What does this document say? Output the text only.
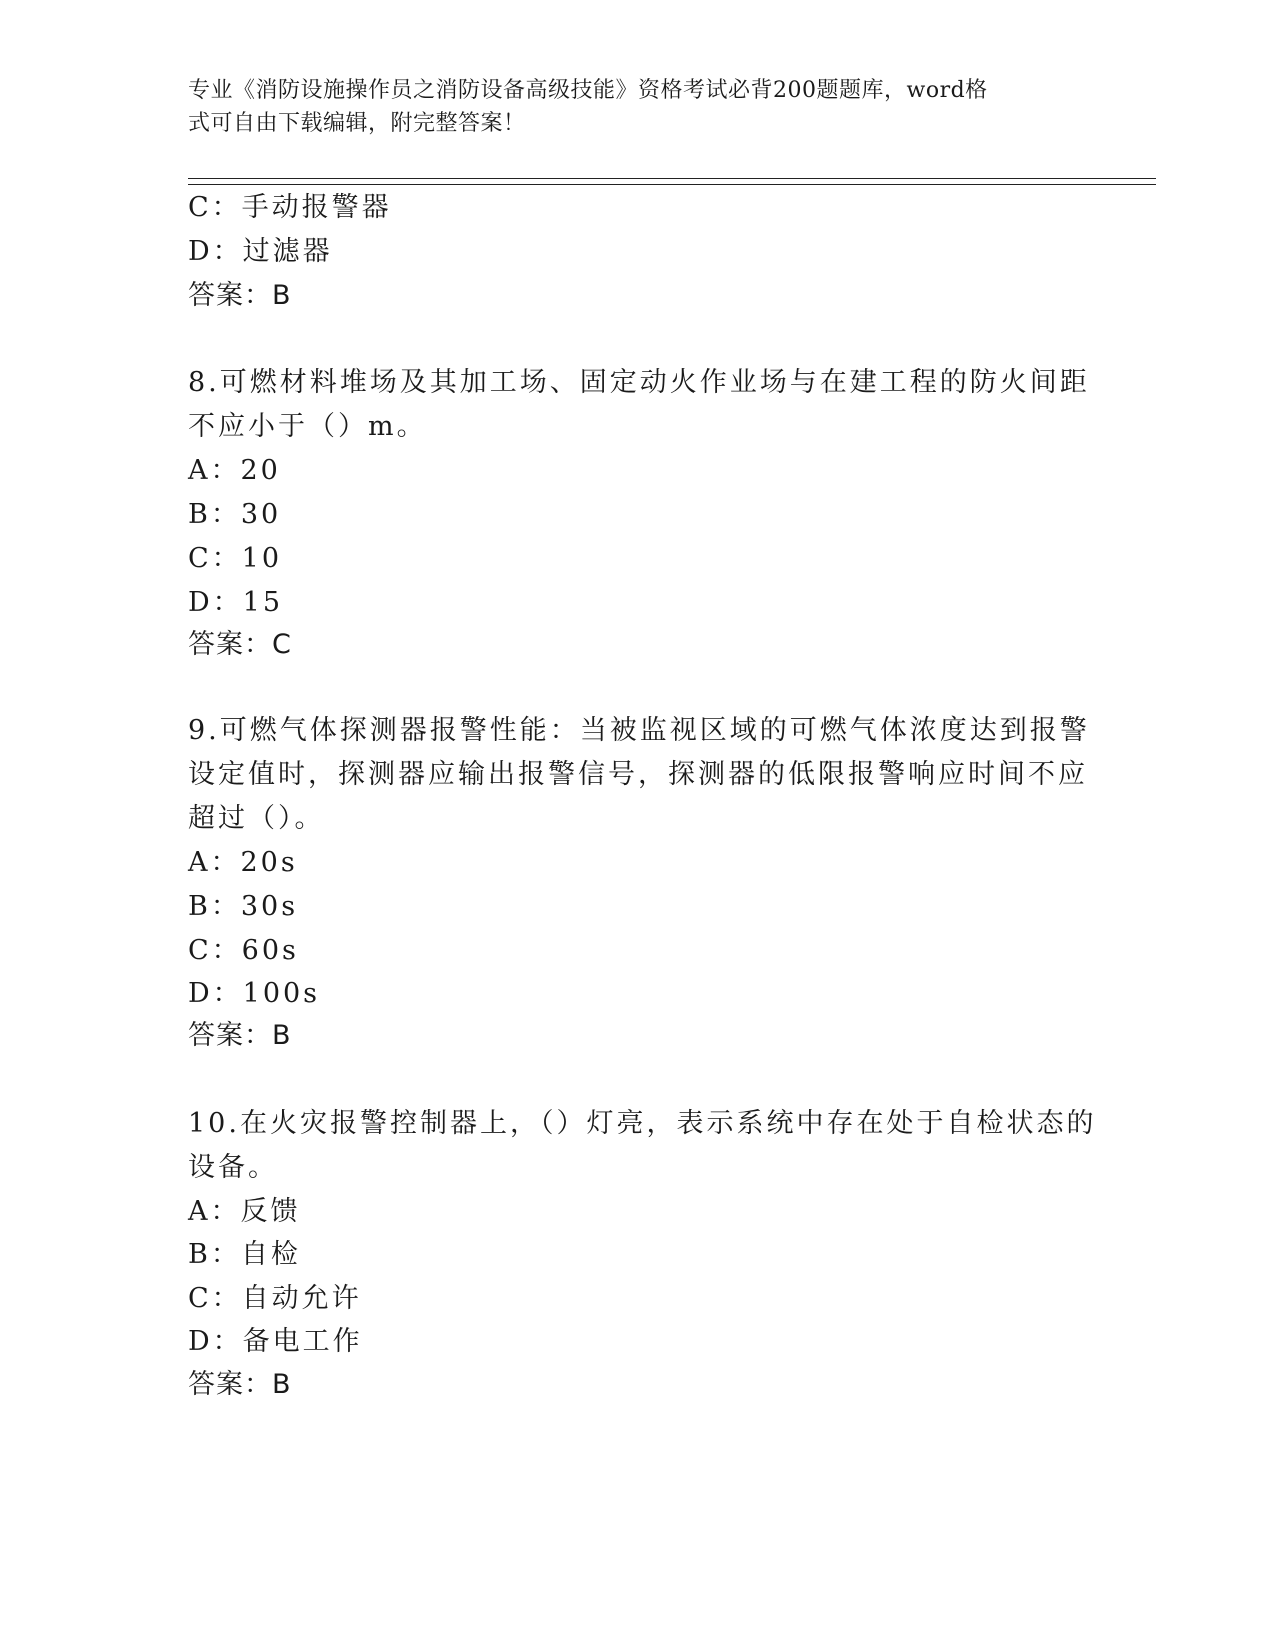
专业《消防设施操作员之消防设备高级技能》资格考试必背200题题库，word格
式可自由下载编辑，附完整答案！
C：手动报警器
D：过滤器
答案：B
8.可燃材料堆场及其加工场、固定动火作业场与在建工程的防火间距
不应小于（）m。
A：20
B：30
C：10
D：15
答案：C
9.可燃气体探测器报警性能：当被监视区域的可燃气体浓度达到报警
设定值时，探测器应输出报警信号，探测器的低限报警响应时间不应
超过（）。
A：20s
B：30s
C：60s
D：100s
答案：B
10.在火灾报警控制器上，（）灯亮，表示系统中存在处于自检状态的
设备。
A：反馈
B：自检
C：自动允许
D：备电工作
答案：B
